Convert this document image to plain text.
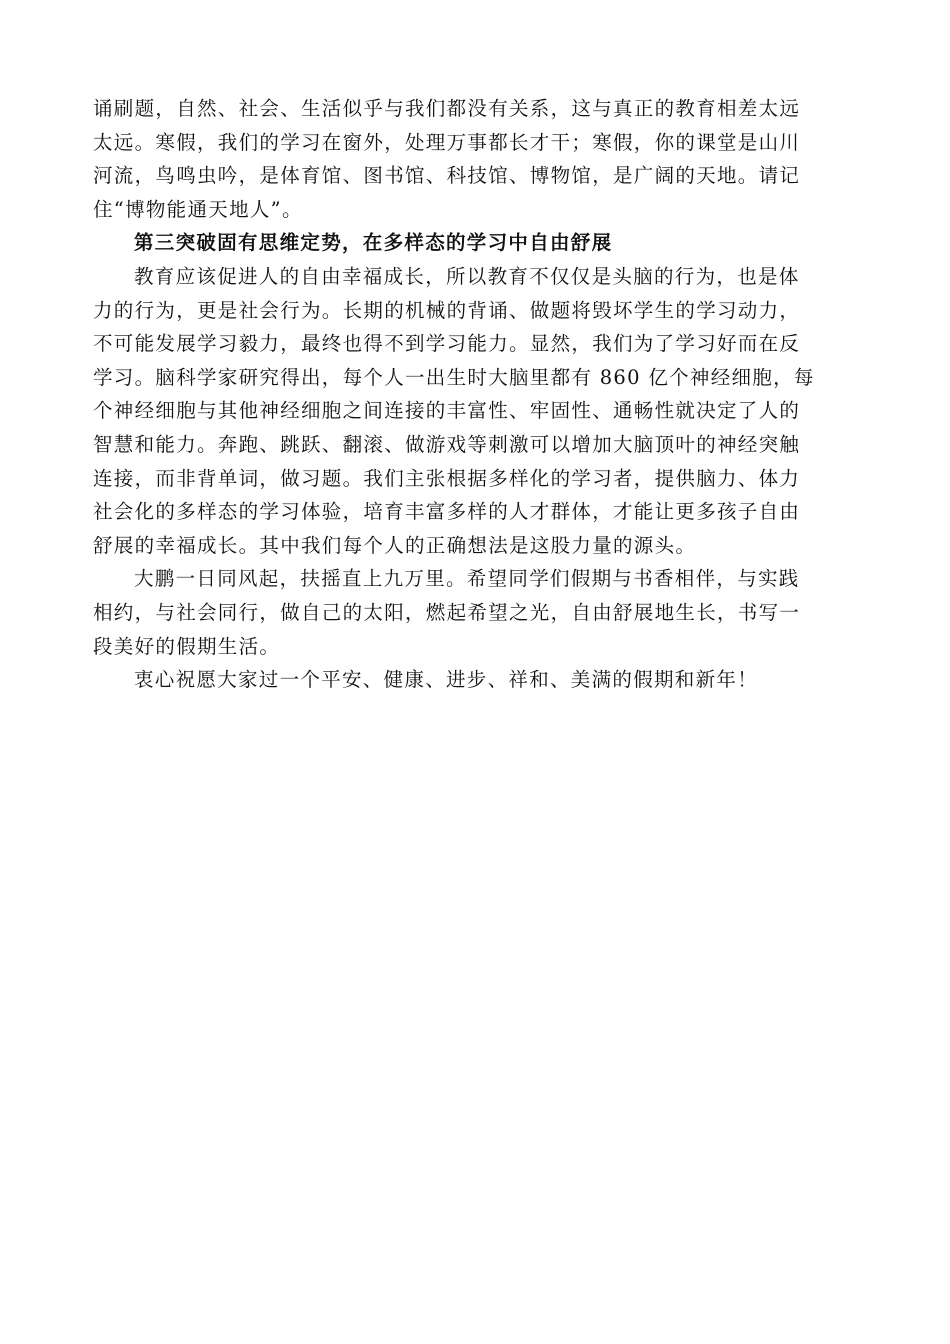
诵刷题，自然、社会、生活似乎与我们都没有关系，这与真正的教育相差太远
太远。寒假，我们的学习在窗外，处理万事都长才干；寒假，你的课堂是山川
河流，鸟鸣虫吟，是体育馆、图书馆、科技馆、博物馆，是广阔的天地。请记
住“博物能通天地人”。

第三突破固有思维定势，在多样态的学习中自由舒展

教育应该促进人的自由幸福成长，所以教育不仅仅是头脑的行为，也是体
力的行为，更是社会行为。长期的机械的背诵、做题将毁坏学生的学习动力，
不可能发展学习毅力，最终也得不到学习能力。显然，我们为了学习好而在反
学习。脑科学家研究得出，每个人一出生时大脑里都有 860 亿个神经细胞，每
个神经细胞与其他神经细胞之间连接的丰富性、牢固性、通畅性就决定了人的
智慧和能力。奔跑、跳跃、翻滚、做游戏等刺激可以增加大脑顶叶的神经突触
连接，而非背单词，做习题。我们主张根据多样化的学习者，提供脑力、体力
社会化的多样态的学习体验，培育丰富多样的人才群体，才能让更多孩子自由
舒展的幸福成长。其中我们每个人的正确想法是这股力量的源头。

大鹏一日同风起，扶摇直上九万里。希望同学们假期与书香相伴，与实践
相约，与社会同行，做自己的太阳，燃起希望之光，自由舒展地生长，书写一
段美好的假期生活。

衷心祝愿大家过一个平安、健康、进步、祥和、美满的假期和新年！
